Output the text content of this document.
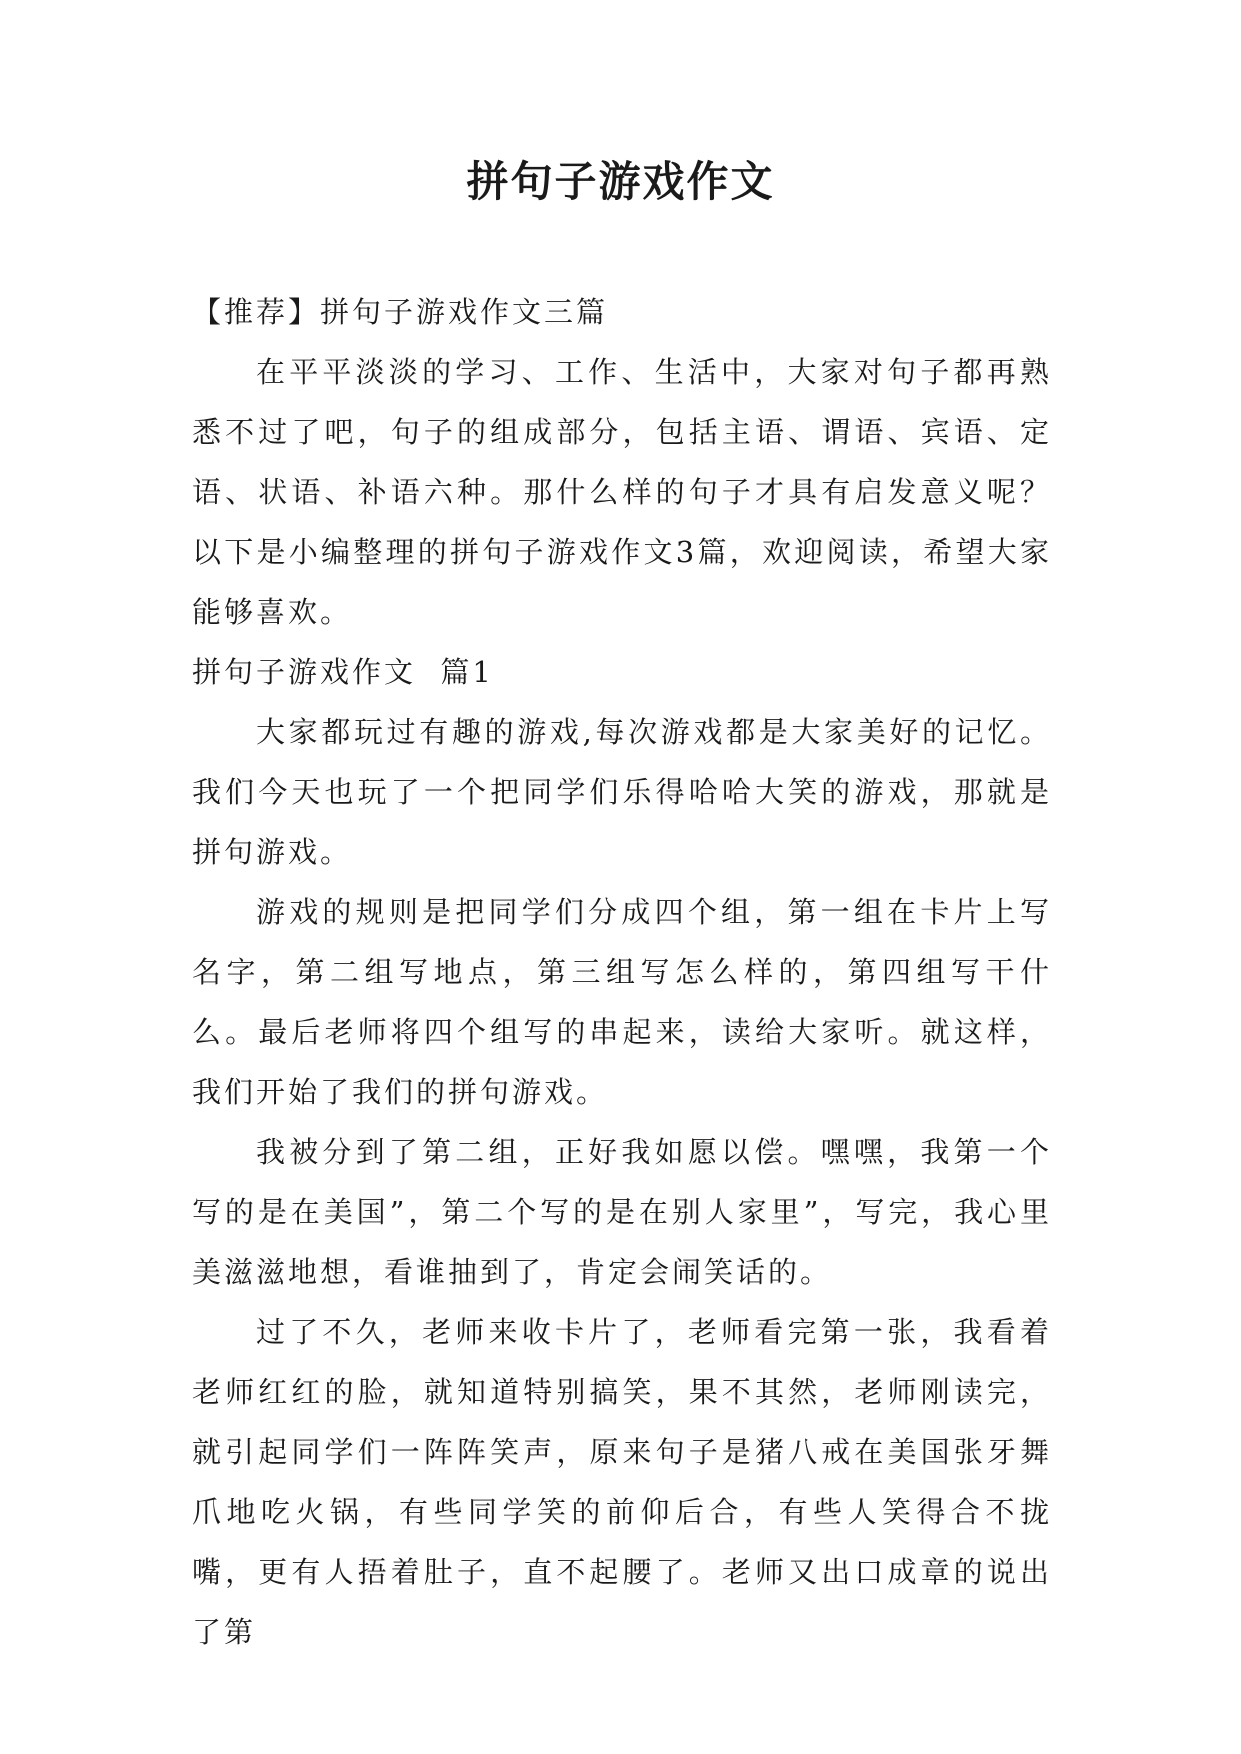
拼句子游戏作文

【推荐】拼句子游戏作文三篇

在平平淡淡的学习、工作、生活中，大家对句子都再熟悉不过了吧，句子的组成部分，包括主语、谓语、宾语、定语、状语、补语六种。那什么样的句子才具有启发意义呢？以下是小编整理的拼句子游戏作文3篇，欢迎阅读，希望大家能够喜欢。

拼句子游戏作文  篇1

大家都玩过有趣的游戏,每次游戏都是大家美好的记忆。我们今天也玩了一个把同学们乐得哈哈大笑的游戏，那就是拼句游戏。

游戏的规则是把同学们分成四个组，第一组在卡片上写名字，第二组写地点，第三组写怎么样的，第四组写干什么。最后老师将四个组写的串起来，读给大家听。就这样，我们开始了我们的拼句游戏。

我被分到了第二组，正好我如愿以偿。嘿嘿，我第一个写的是在美国”，第二个写的是在别人家里”，写完，我心里美滋滋地想，看谁抽到了，肯定会闹笑话的。

过了不久，老师来收卡片了，老师看完第一张，我看着老师红红的脸，就知道特别搞笑，果不其然，老师刚读完，就引起同学们一阵阵笑声，原来句子是猪八戒在美国张牙舞爪地吃火锅，有些同学笑的前仰后合，有些人笑得合不拢嘴，更有人捂着肚子，直不起腰了。老师又出口成章的说出了第
